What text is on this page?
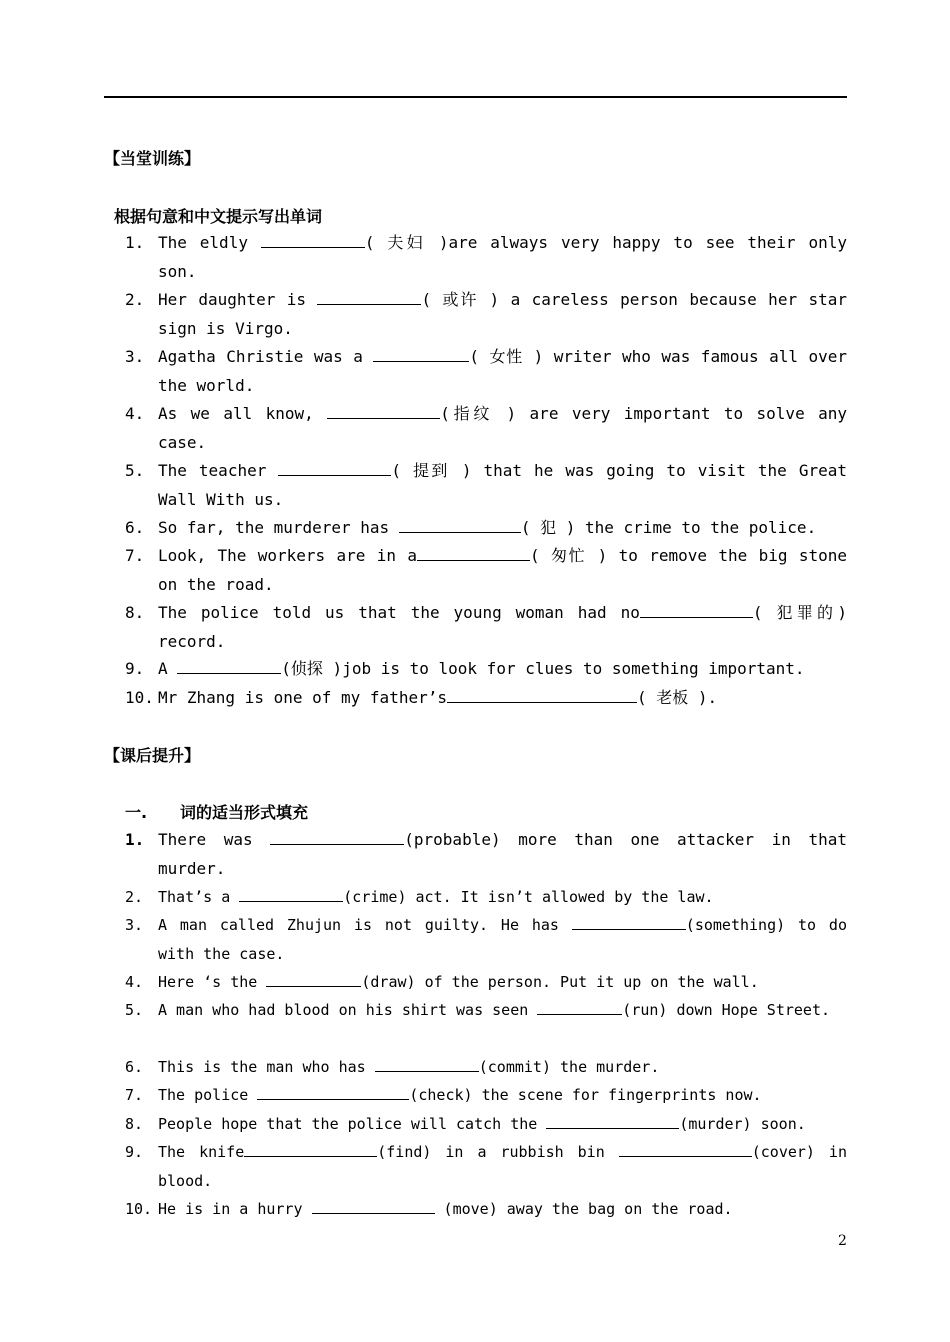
【当堂训练】
根据句意和中文提示写出单词
1. The eldly	( 夫妇 )are always very happy to see their only son.
2. Her daughter is	( 或许 ) a careless person because her star sign is Virgo.
3. Agatha Christie was a	( 女性 ) writer who was famous all over the world.
4. As we all know,	(指纹 ) are very important to solve any case.
5. The teacher	( 提到 ) that he was going to visit the Great Wall With us.
6. So far, the murderer has	( 犯 ) the crime to the police.
7. Look, The workers are in a	( 匆忙 ) to remove the big stone on the road.
8. The police told us that the young woman had no	( 犯罪的) record.
9. A	(侦探 )job is to look for clues to something important.
10. Mr Zhang is one of my father’s	( 老板 ).
【课后提升】
一. 词的适当形式填充
1. There was	(probable) more than one attacker in that murder.
2. That’s a	(crime) act. It isn’t allowed by the law.
3. A man called Zhujun is not guilty. He has	(something) to do with the case.
4. Here ‘s the	(draw) of the person. Put it up on the wall.
5. A man who had blood on his shirt was seen	(run) down Hope Street.
6. This is the man who has	(commit) the murder.
7. The police	(check) the scene for fingerprints now.
8. People hope that the police will catch the	(murder) soon.
9. The knife	(find) in a rubbish bin	(cover) in blood.
10. He is in a hurry	(move) away the bag on the road.
2
